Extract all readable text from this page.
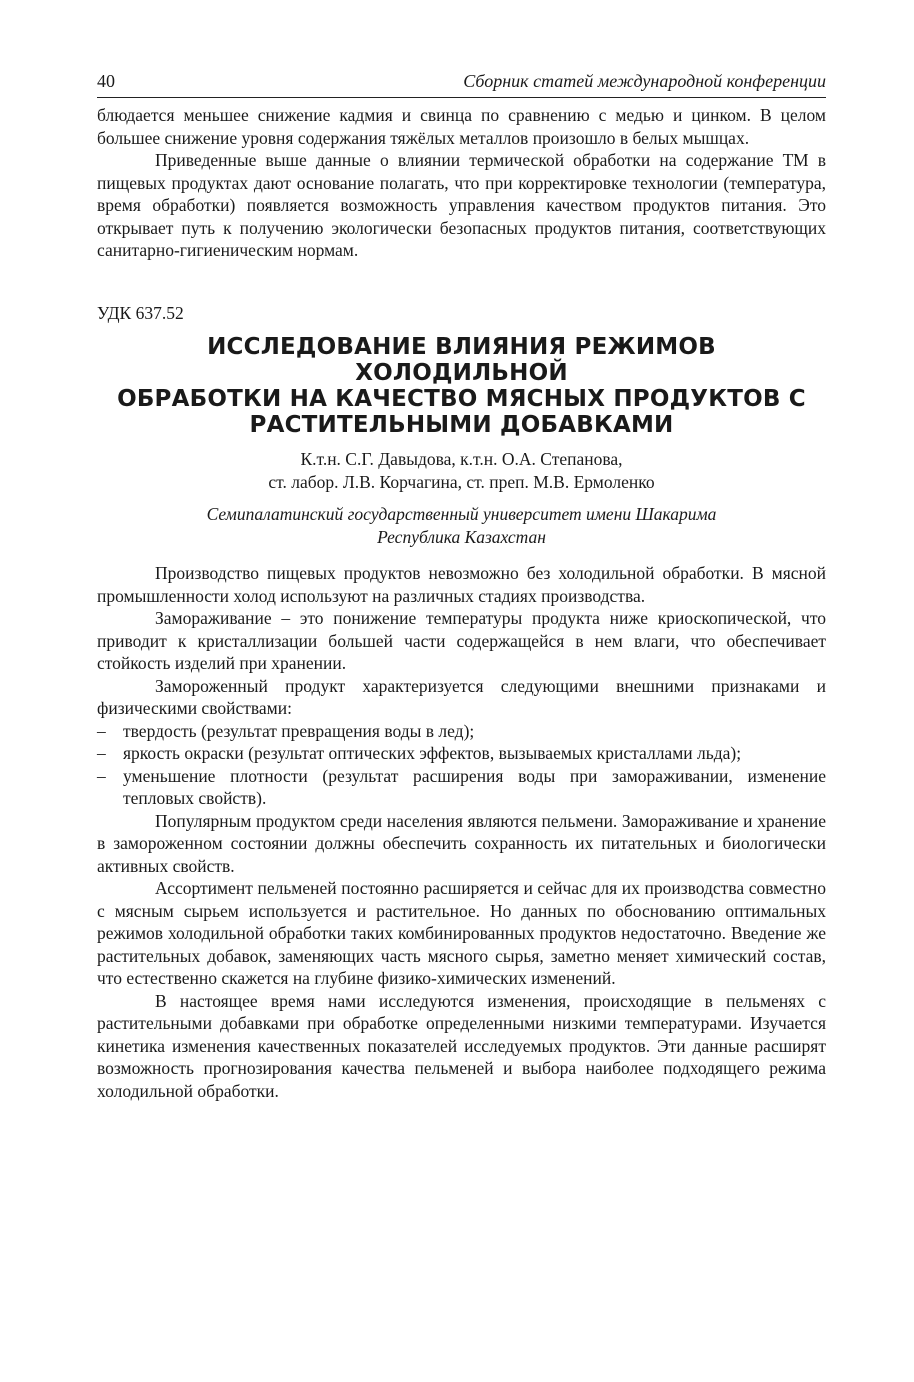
40	Сборник статей международной конференции

блюдается меньшее снижение кадмия и свинца по сравнению с медью и цинком. В целом большее снижение уровня содержания тяжёлых металлов произошло в белых мышцах.

Приведенные выше данные о влиянии термической обработки на содержание ТМ в пищевых продуктах дают основание полагать, что при корректировке технологии (температура, время обработки) появляется возможность управления качеством продуктов питания. Это открывает путь к получению экологически безопасных продуктов питания, соответствующих санитарно-гигиеническим нормам.

УДК 637.52

ИССЛЕДОВАНИЕ ВЛИЯНИЯ РЕЖИМОВ ХОЛОДИЛЬНОЙ
ОБРАБОТКИ НА КАЧЕСТВО МЯСНЫХ ПРОДУКТОВ С
РАСТИТЕЛЬНЫМИ ДОБАВКАМИ
К.т.н. С.Г. Давыдова, к.т.н. О.А. Степанова,
ст. лабор. Л.В. Корчагина, ст. преп. М.В. Ермоленко
Семипалатинский государственный университет имени Шакарима
Республика Казахстан

Производство пищевых продуктов невозможно без холодильной обработки. В мясной промышленности холод используют на различных стадиях производства.

Замораживание – это понижение температуры продукта ниже криоскопической, что приводит к кристаллизации большей части содержащейся в нем влаги, что обеспечивает стойкость изделий при хранении.

Замороженный продукт характеризуется следующими внешними признаками и физическими свойствами:

– твердость (результат превращения воды в лед);
– яркость окраски (результат оптических эффектов, вызываемых кристаллами льда);
– уменьшение плотности (результат расширения воды при замораживании, изменение тепловых свойств).

Популярным продуктом среди населения являются пельмени. Замораживание и хранение в замороженном состоянии должны обеспечить сохранность их питательных и биологически активных свойств.

Ассортимент пельменей постоянно расширяется и сейчас для их производства совместно с мясным сырьем используется и растительное. Но данных по обоснованию оптимальных режимов холодильной обработки таких комбинированных продуктов недостаточно. Введение же растительных добавок, заменяющих часть мясного сырья, заметно меняет химический состав, что естественно скажется на глубине физико-химических изменений.

В настоящее время нами исследуются изменения, происходящие в пельменях с растительными добавками при обработке определенными низкими температурами. Изучается кинетика изменения качественных показателей исследуемых продуктов. Эти данные расширят возможность прогнозирования качества пельменей и выбора наиболее подходящего режима холодильной обработки.
